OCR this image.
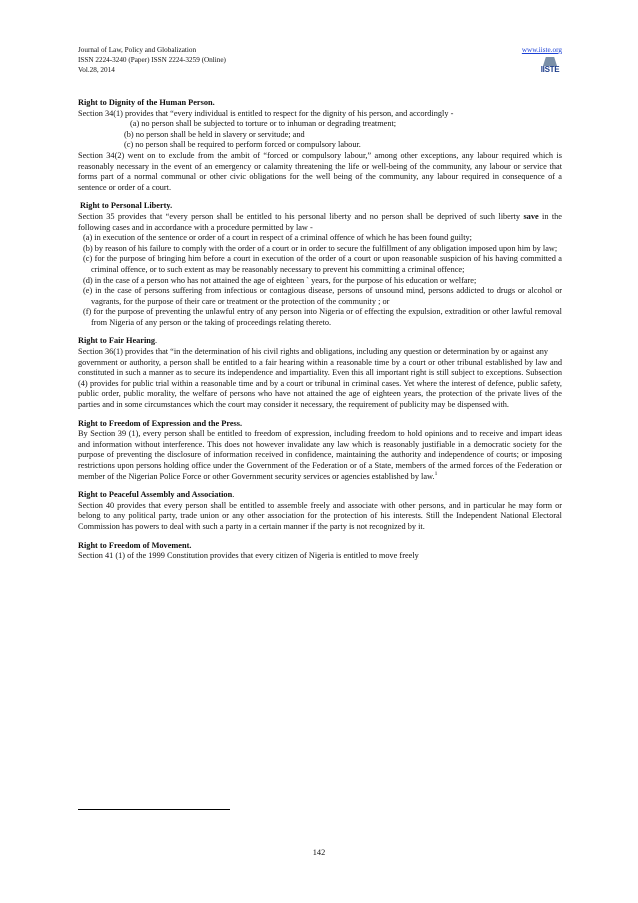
Journal of Law, Policy and Globalization
ISSN 2224-3240 (Paper) ISSN 2224-3259 (Online)
Vol.28, 2014
www.iiste.org
IISTE

Right to Dignity of the Human Person.

Section 34(1) provides that “every individual is entitled to respect for the dignity of his person, and accordingly -

(a) no person shall be subjected to torture or to inhuman or degrading treatment;

(b) no person shall be held in slavery or servitude; and

(c) no person shall be required to perform forced or compulsory labour.

Section 34(2) went on to exclude from the ambit of “forced or compulsory labour,” among other exceptions, any labour required which is reasonably necessary in the event of an emergency or calamity threatening the life or well-being of the community, any labour or service that forms part of a normal communal or other civic obligations for the well being of the community, any labour required in consequence of a sentence or order of a court.

Right to Personal Liberty.

Section 35 provides that “every person shall be entitled to his personal liberty and no person shall be deprived of such liberty save in the following cases and in accordance with a procedure permitted by law -

(a) in execution of the sentence or order of a court in respect of a criminal offence of which he has been found guilty;

(b) by reason of his failure to comply with the order of a court or in order to secure the fulfillment of any obligation imposed upon him by law;

(c) for the purpose of bringing him before a court in execution of the order of a court or upon reasonable suspicion of his having committed a criminal offence, or to such extent as may be reasonably necessary to prevent his committing a criminal offence;

(d) in the case of a person who has not attained the age of eighteen ` years, for the purpose of his education or welfare;

(e) in the case of persons suffering from infectious or contagious disease, persons of unsound mind, persons addicted to drugs or alcohol or vagrants, for the purpose of their care or treatment or the protection of the community ; or

(f) for the purpose of preventing the unlawful entry of any person into Nigeria or of effecting the expulsion, extradition or other lawful removal from Nigeria of any person or the taking of proceedings relating thereto.

Right to Fair Hearing.

Section 36(1) provides that “in the determination of his civil rights and obligations, including any question or determination by or against any

government or authority, a person shall be entitled to a fair hearing within a reasonable time by a court or other tribunal established by law and constituted in such a manner as to secure its independence and impartiality. Even this all important right is still subject to exceptions. Subsection (4) provides for public trial within a reasonable time and by a court or tribunal in criminal cases. Yet where the interest of defence, public safety, public order, public morality, the welfare of persons who have not attained the age of eighteen years, the protection of the private lives of the parties and in some circumstances which the court may consider it necessary, the requirement of publicity may be dispensed with.

Right to Freedom of Expression and the Press.

By Section 39 (1), every person shall be entitled to freedom of expression, including freedom to hold opinions and to receive and impart ideas and information without interference. This does not however invalidate any law which is reasonably justifiable in a democratic society for the purpose of preventing the disclosure of information received in confidence, maintaining the authority and independence of courts; or imposing restrictions upon persons holding office under the Government of the Federation or of a State, members of the armed forces of the Federation or member of the Nigerian Police Force or other Government security services or agencies established by law.$^1$

Right to Peaceful Assembly and Association.

Section 40 provides that every person shall be entitled to assemble freely and associate with other persons, and in particular he may form or belong to any political party, trade union or any other association for the protection of his interests. Still the Independent National Electoral Commission has powers to deal with such a party in a certain manner if the party is not recognized by it.

Right to Freedom of Movement.

Section 41 (1) of the 1999 Constitution provides that every citizen of Nigeria is entitled to move freely

142
